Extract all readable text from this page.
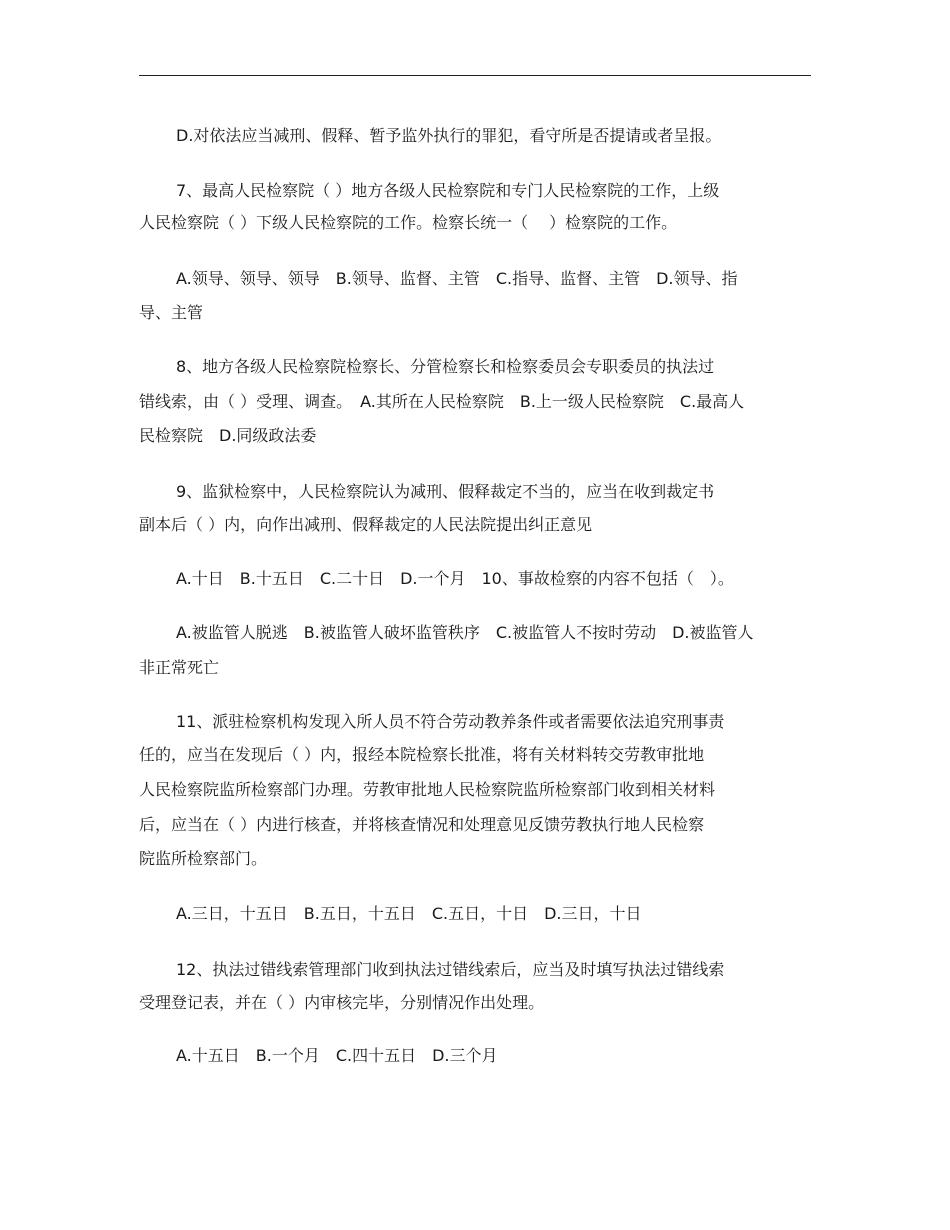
D.对依法应当减刑、假释、暂予监外执行的罪犯，看守所是否提请或者呈报。
7、最高人民检察院（ ）地方各级人民检察院和专门人民检察院的工作，上级
人民检察院（ ）下级人民检察院的工作。检察长统一（　 ）检察院的工作。
A.领导、领导、领导　B.领导、监督、主管　C.指导、监督、主管　D.领导、指
导、主管
8、地方各级人民检察院检察长、分管检察长和检察委员会专职委员的执法过
错线索，由（ ）受理、调查。　A.其所在人民检察院　B.上一级人民检察院　C.最高人
民检察院　D.同级政法委
9、监狱检察中，人民检察院认为减刑、假释裁定不当的，应当在收到裁定书
副本后（ ）内，向作出减刑、假释裁定的人民法院提出纠正意见
A.十日　B.十五日　C.二十日　D.一个月　10、事故检察的内容不包括（　）。
A.被监管人脱逃　B.被监管人破坏监管秩序　C.被监管人不按时劳动　D.被监管人
非正常死亡
11、派驻检察机构发现入所人员不符合劳动教养条件或者需要依法追究刑事责
任的，应当在发现后（ ）内，报经本院检察长批准，将有关材料转交劳教审批地
人民检察院监所检察部门办理。劳教审批地人民检察院监所检察部门收到相关材料
后，应当在（ ）内进行核查，并将核查情况和处理意见反馈劳教执行地人民检察
院监所检察部门。
A.三日，十五日　B.五日，十五日　C.五日，十日　D.三日，十日
12、执法过错线索管理部门收到执法过错线索后，应当及时填写执法过错线索
受理登记表，并在（ ）内审核完毕，分别情况作出处理。
A.十五日　B.一个月　C.四十五日　D.三个月
